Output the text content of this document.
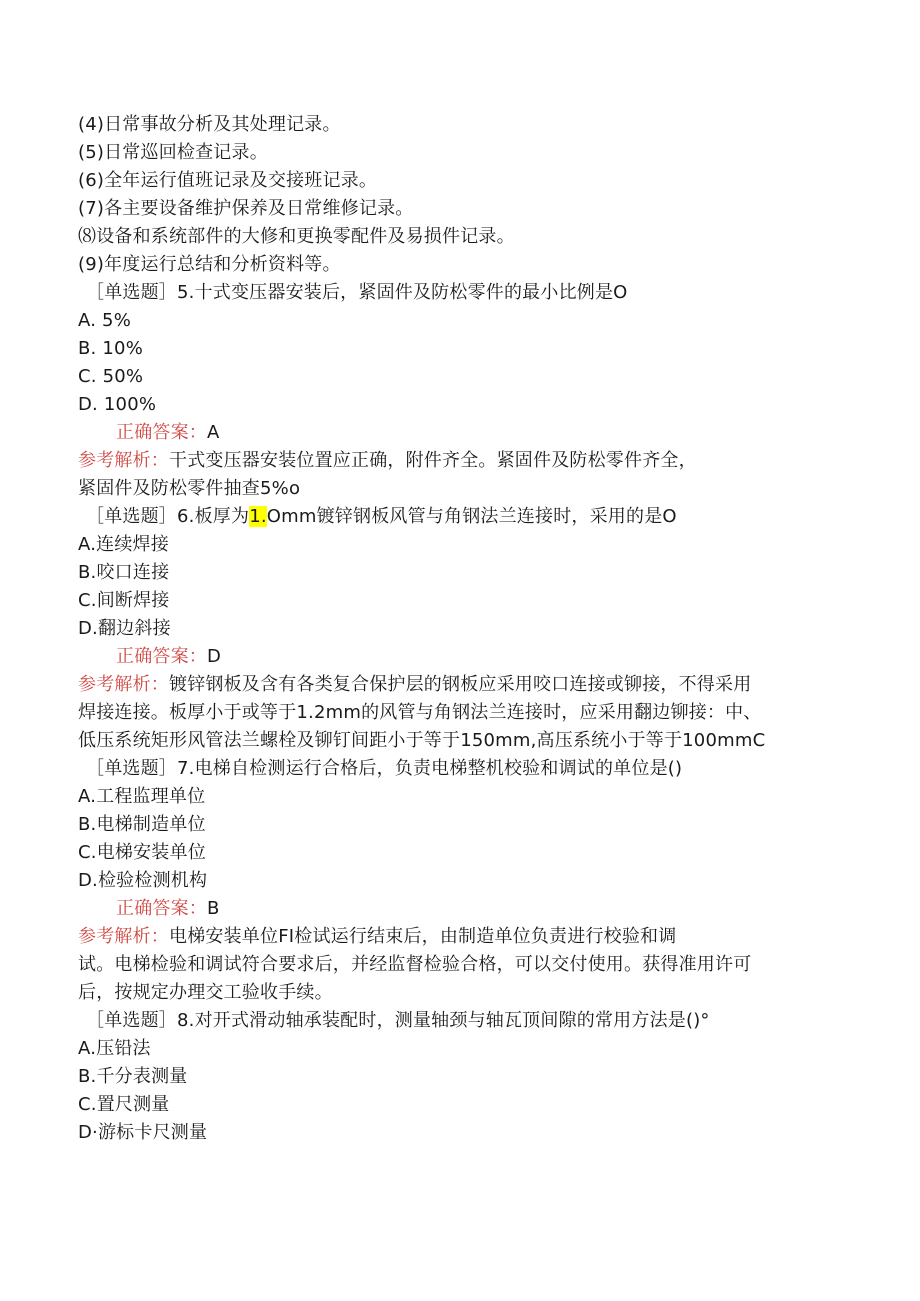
(4)日常事故分析及其处理记录。
(5)日常巡回检查记录。
(6)全年运行值班记录及交接班记录。
(7)各主要设备维护保养及日常维修记录。
⑻设备和系统部件的大修和更换零配件及易损件记录。
(9)年度运行总结和分析资料等。
［单选题］5.十式变压器安装后，紧固件及防松零件的最小比例是O
A. 5%
B. 10%
C. 50%
D. 100%
正确答案：A
参考解析：干式变压器安装位置应正确，附件齐全。紧固件及防松零件齐全，
紧固件及防松零件抽查5%o
［单选题］6.板厚为1.Omm镀锌钢板风管与角钢法兰连接时，采用的是O
A.连续焊接
B.咬口连接
C.间断焊接
D.翻边斜接
正确答案：D
参考解析：镀锌钢板及含有各类复合保护层的钢板应采用咬口连接或铆接，不得采用
焊接连接。板厚小于或等于1.2mm的风管与角钢法兰连接时，应采用翻边铆接：中、
低压系统矩形风管法兰螺栓及铆钉间距小于等于150mm,高压系统小于等于100mmC
［单选题］7.电梯自检测运行合格后，负责电梯整机校验和调试的单位是()
A.工程监理单位
B.电梯制造单位
C.电梯安装单位
D.检验检测机构
正确答案：B
参考解析：电梯安装单位FI检试运行结束后，由制造单位负责进行校验和调
试。电梯检验和调试符合要求后，并经监督检验合格，可以交付使用。获得准用许可
后，按规定办理交工验收手续。
［单选题］8.对开式滑动轴承装配时，测量轴颈与轴瓦顶间隙的常用方法是()°
A.压铅法
B.千分表测量
C.置尺测量
D·游标卡尺测量
